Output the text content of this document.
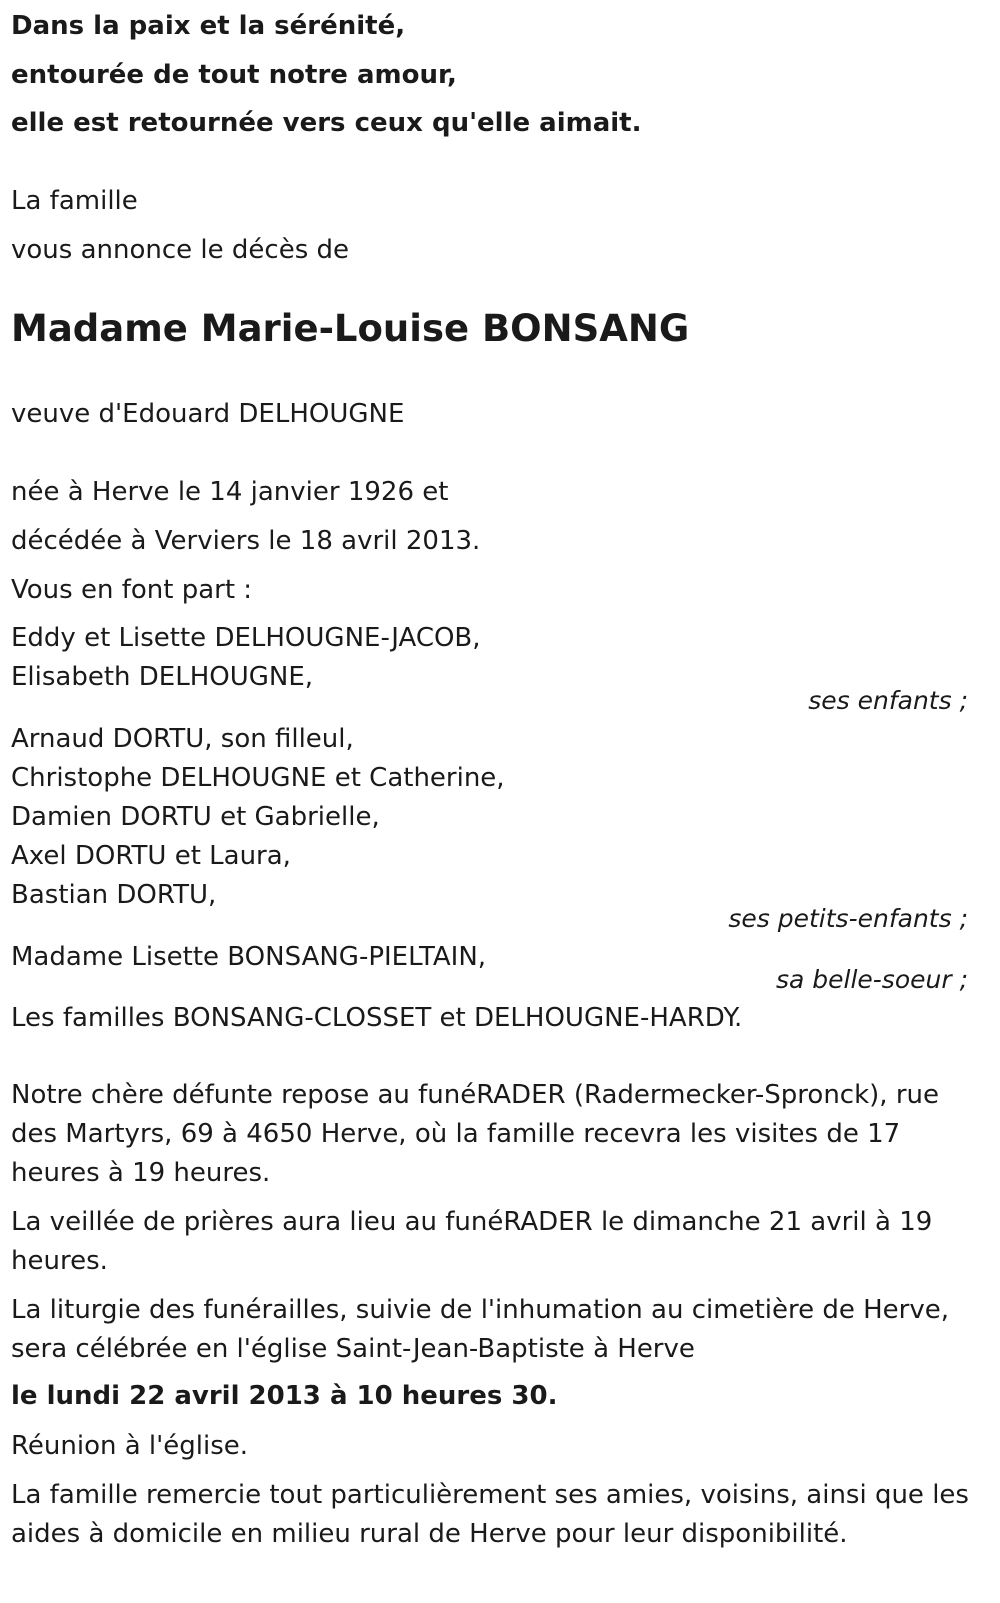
Dans la paix et la sérénité,
entourée de tout notre amour,
elle est retournée vers ceux qu'elle aimait.
La famille
vous annonce le décès de
Madame Marie-Louise BONSANG
veuve d'Edouard DELHOUGNE
née à Herve le 14 janvier 1926 et
décédée à Verviers le 18 avril 2013.
Vous en font part :
Eddy et Lisette DELHOUGNE-JACOB,
Elisabeth DELHOUGNE,
ses enfants ;
Arnaud DORTU, son filleul,
Christophe DELHOUGNE et Catherine,
Damien DORTU et Gabrielle,
Axel DORTU et Laura,
Bastian DORTU,
ses petits-enfants ;
Madame Lisette BONSANG-PIELTAIN,
sa belle-soeur ;
Les familles BONSANG-CLOSSET et DELHOUGNE-HARDY.
Notre chère défunte repose au funéRADER (Radermecker-Spronck), rue des Martyrs, 69 à 4650 Herve, où la famille recevra les visites de 17 heures à 19 heures.
La veillée de prières aura lieu au funéRADER le dimanche 21 avril à 19 heures.
La liturgie des funérailles, suivie de l'inhumation au cimetière de Herve, sera célébrée en l'église Saint-Jean-Baptiste à Herve
le lundi 22 avril 2013 à 10 heures 30.
Réunion à l'église.
La famille remercie tout particulièrement ses amies, voisins, ainsi que les aides à domicile en milieu rural de Herve pour leur disponibilité.
